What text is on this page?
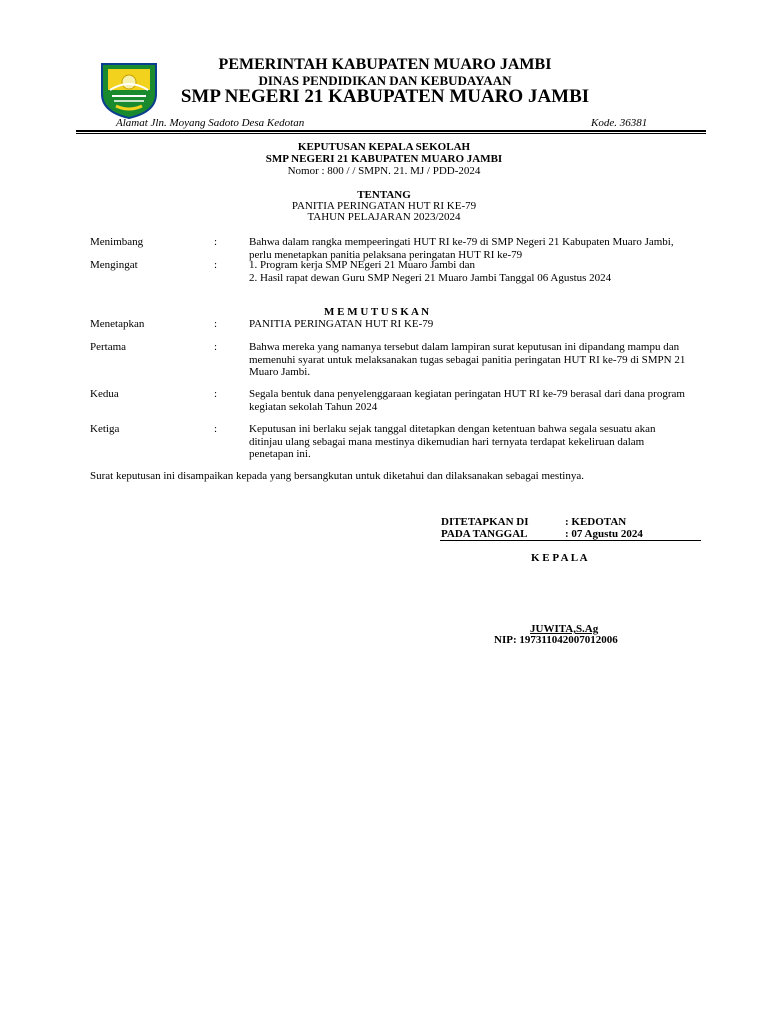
PEMERINTAH KABUPATEN MUARO JAMBI
DINAS PENDIDIKAN DAN KEBUDAYAAN
SMP NEGERI 21 KABUPATEN MUARO JAMBI
Alamat Jln. Moyang Sadoto Desa Kedotan	Kode. 36381
KEPUTUSAN KEPALA SEKOLAH
SMP NEGERI 21 KABUPATEN MUARO JAMBI
Nomor : 800 / / SMPN. 21. MJ / PDD-2024
TENTANG
PANITIA PERINGATAN HUT RI KE-79
TAHUN PELAJARAN 2023/2024
Menimbang	:	Bahwa dalam rangka mempeeringati HUT RI ke-79 di SMP Negeri 21 Kabupaten Muaro Jambi, perlu menetapkan panitia pelaksana peringatan HUT RI ke-79
Mengingat	:	1. Program kerja SMP NEgeri 21 Muaro Jambi dan
2. Hasil rapat dewan Guru SMP Negeri 21 Muaro Jambi Tanggal 06 Agustus 2024
M E M U T U S K A N
Menetapkan	:	PANITIA PERINGATAN HUT RI KE-79
Pertama	:	Bahwa mereka yang namanya tersebut dalam lampiran surat keputusan ini dipandang mampu dan memenuhi syarat untuk melaksanakan tugas sebagai panitia peringatan HUT RI ke-79 di SMPN 21 Muaro Jambi.
Kedua	:	Segala bentuk dana penyelenggaraan kegiatan peringatan HUT RI ke-79 berasal dari dana program kegiatan sekolah Tahun 2024
Ketiga	:	Keputusan ini berlaku sejak tanggal ditetapkan dengan ketentuan bahwa segala sesuatu akan ditinjau ulang sebagai mana mestinya dikemudian hari ternyata terdapat kekeliruan dalam penetapan ini.
Surat keputusan ini disampaikan kepada yang bersangkutan untuk diketahui dan dilaksanakan sebagai mestinya.
DITETAPKAN DI	: KEDOTAN
PADA TANGGAL	: 07 Agustu 2024
K E P A L A
JUWITA,S.Ag
NIP: 197311042007012006
